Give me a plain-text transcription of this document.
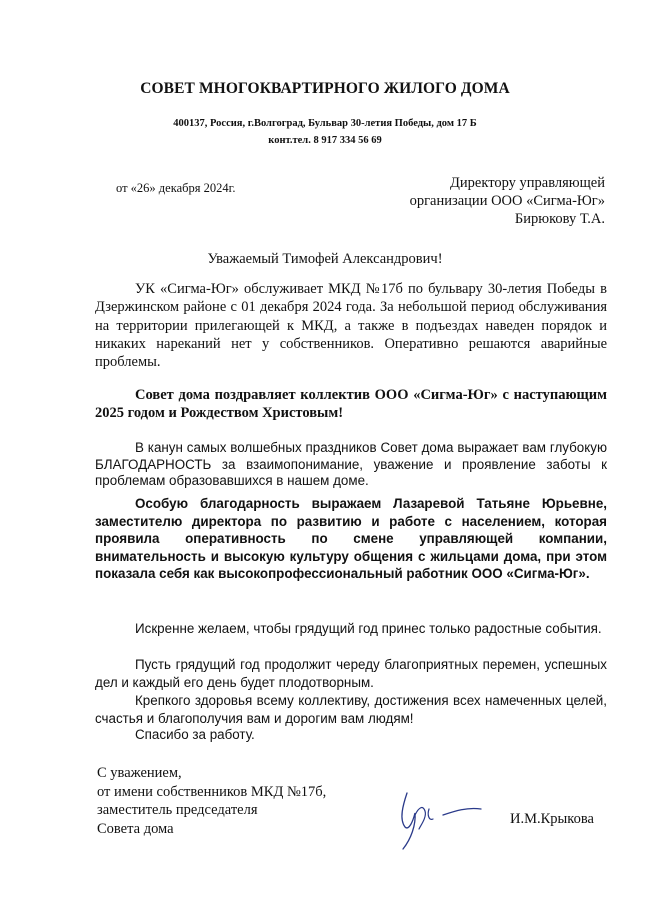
СОВЕТ МНОГОКВАРТИРНОГО ЖИЛОГО ДОМА
400137, Россия, г.Волгоград, Бульвар 30-летия Победы, дом 17 Б
конт.тел. 8 917 334 56 69
от «26» декабря 2024г.	Директору управляющей
организации ООО «Сигма-Юг»
Бирюкову Т.А.
Уважаемый Тимофей Александрович!
УК «Сигма-Юг» обслуживает МКД №17б по бульвару 30-летия Победы в Дзержинском районе с 01 декабря 2024 года. За небольшой период обслуживания на территории прилегающей к МКД, а также в подъездах наведен порядок и никаких нареканий нет у собственников. Оперативно решаются аварийные проблемы.
Совет дома поздравляет коллектив ООО «Сигма-Юг» с наступающим 2025 годом и Рождеством Христовым!
В канун самых волшебных праздников Совет дома выражает вам глубокую БЛАГОДАРНОСТЬ за взаимопонимание, уважение и проявление заботы к проблемам образовавшихся в нашем доме.
Особую благодарность выражаем Лазаревой Татьяне Юрьевне, заместителю директора по развитию и работе с населением, которая проявила оперативность по смене управляющей компании, внимательность и высокую культуру общения с жильцами дома, при этом показала себя как высокопрофессиональный работник ООО «Сигма-Юг».
Искренне желаем, чтобы грядущий год принес только радостные события.
Пусть грядущий год продолжит череду благоприятных перемен, успешных дел и каждый его день будет плодотворным.
Крепкого здоровья всему коллективу, достижения всех намеченных целей, счастья и благополучия вам и дорогим вам людям!
Спасибо за работу.
С уважением,
от имени собственников МКД №17б,
заместитель председателя
Совета дома
И.М.Крыкова
